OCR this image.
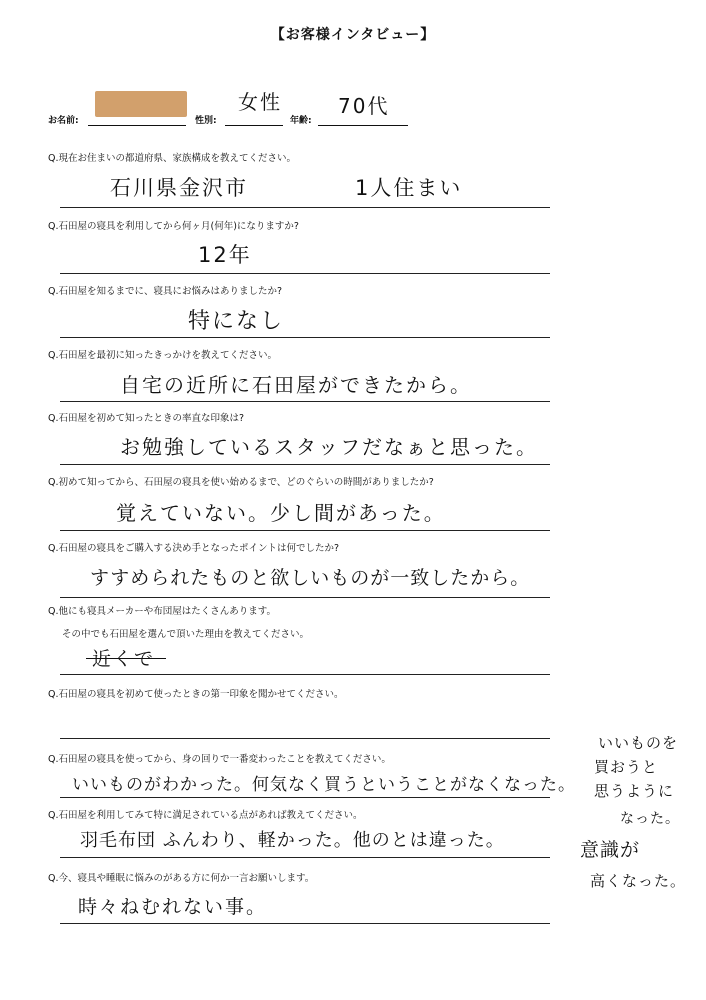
【お客様インタビュー】
お名前:	性別:
女性
年齢:
70代
Q.現在お住まいの都道府県、家族構成を教えてください。
石川県金沢市	1人住まい
Q.石田屋の寝具を利用してから何ヶ月(何年)になりますか?
12年
Q.石田屋を知るまでに、寝具にお悩みはありましたか?
特になし
Q.石田屋を最初に知ったきっかけを教えてください。
自宅の近所に石田屋ができたから。
Q.石田屋を初めて知ったときの率直な印象は?
お勉強しているスタッフだなぁと思った。
Q.初めて知ってから、石田屋の寝具を使い始めるまで、どのぐらいの時間がありましたか?
覚えていない。少し間があった。
Q.石田屋の寝具をご購入する決め手となったポイントは何でしたか?
すすめられたものと欲しいものが一致したから。
Q.他にも寝具メーカーや布団屋はたくさんあります。
その中でも石田屋を選んで頂いた理由を教えてください。
近くで
Q.石田屋の寝具を初めて使ったときの第一印象を聞かせてください。
Q.石田屋の寝具を使ってから、身の回りで一番変わったことを教えてください。
いいものがわかった。何気なく買うということがなくなった。
Q.石田屋を利用してみて特に満足されている点があれば教えてください。
羽毛布団 ふんわり、軽かった。他のとは違った。
Q.今、寝具や睡眠に悩みのがある方に何か一言お願いします。
時々ねむれない事。
いいものを
買おうと
思うように
なった。
意識が
高くなった。
